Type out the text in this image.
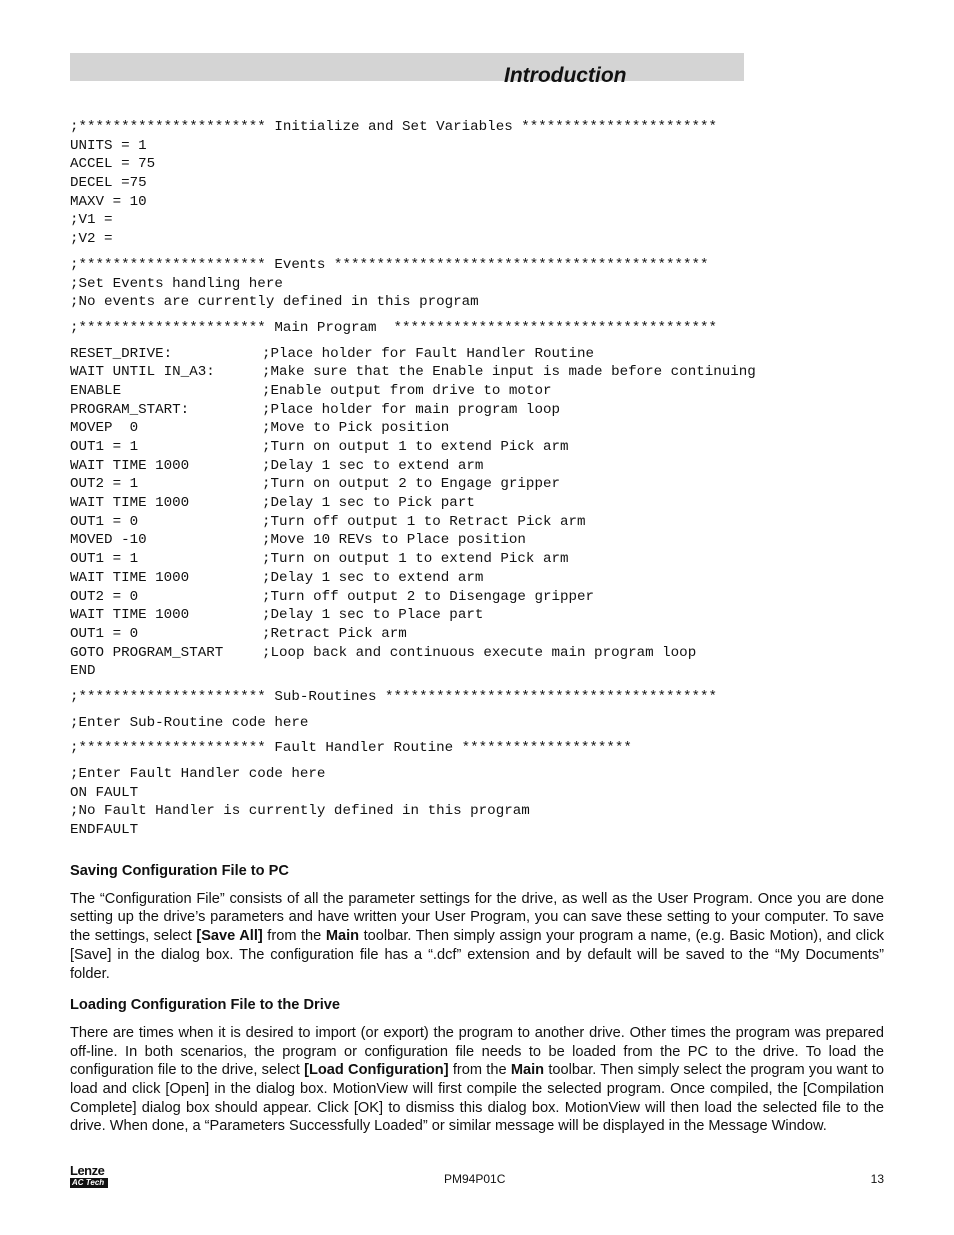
Introduction
;********************** Initialize and Set Variables ***********************
UNITS = 1
ACCEL = 75
DECEL =75
MAXV = 10
;V1 =
;V2 =
;********************** Events ********************************************
;Set Events handling here
;No events are currently defined in this program
;********************** Main Program  **************************************
RESET_DRIVE:	;Place holder for Fault Handler Routine
WAIT UNTIL IN_A3:	;Make sure that the Enable input is made before continuing
ENABLE	;Enable output from drive to motor
PROGRAM_START:	;Place holder for main program loop
MOVEP  0	;Move to Pick position
OUT1 = 1	;Turn on output 1 to extend Pick arm
WAIT TIME 1000	;Delay 1 sec to extend arm
OUT2 = 1	;Turn on output 2 to Engage gripper
WAIT TIME 1000	;Delay 1 sec to Pick part
OUT1 = 0	;Turn off output 1 to Retract Pick arm
MOVED -10	;Move 10 REVs to Place position
OUT1 = 1	;Turn on output 1 to extend Pick arm
WAIT TIME 1000	;Delay 1 sec to extend arm
OUT2 = 0	;Turn off output 2 to Disengage gripper
WAIT TIME 1000	;Delay 1 sec to Place part
OUT1 = 0	;Retract Pick arm
GOTO PROGRAM_START	;Loop back and continuous execute main program loop
END
;********************** Sub-Routines ***************************************
;Enter Sub-Routine code here
;********************** Fault Handler Routine ********************
;Enter Fault Handler code here
ON FAULT
;No Fault Handler is currently defined in this program
ENDFAULT
Saving Configuration File to PC

The “Configuration File” consists of all the parameter settings for the drive, as well as the User Program. Once you are done setting up the drive’s parameters and have written your User Program, you can save these setting to your computer. To save the settings, select [Save All] from the Main toolbar. Then simply assign your program a name, (e.g. Basic Motion), and click [Save] in the dialog box. The configuration file has a “.dcf” extension and by default will be saved to the “My Documents” folder.

Loading Configuration File to the Drive

There are times when it is desired to import (or export) the program to another drive. Other times the program was prepared off-line. In both scenarios, the program or configuration file needs to be loaded from the PC to the drive. To load the configuration file to the drive, select [Load Configuration] from the Main toolbar. Then simply select the program you want to load and click [Open] in the dialog box. MotionView will first compile the selected program. Once compiled, the [Compilation Complete] dialog box should appear. Click [OK] to dismiss this dialog box. MotionView will then load the selected file to the drive. When done, a “Parameters Successfully Loaded” or similar message will be displayed in the Message Window.

Lenze
AC Tech	PM94P01C	13
